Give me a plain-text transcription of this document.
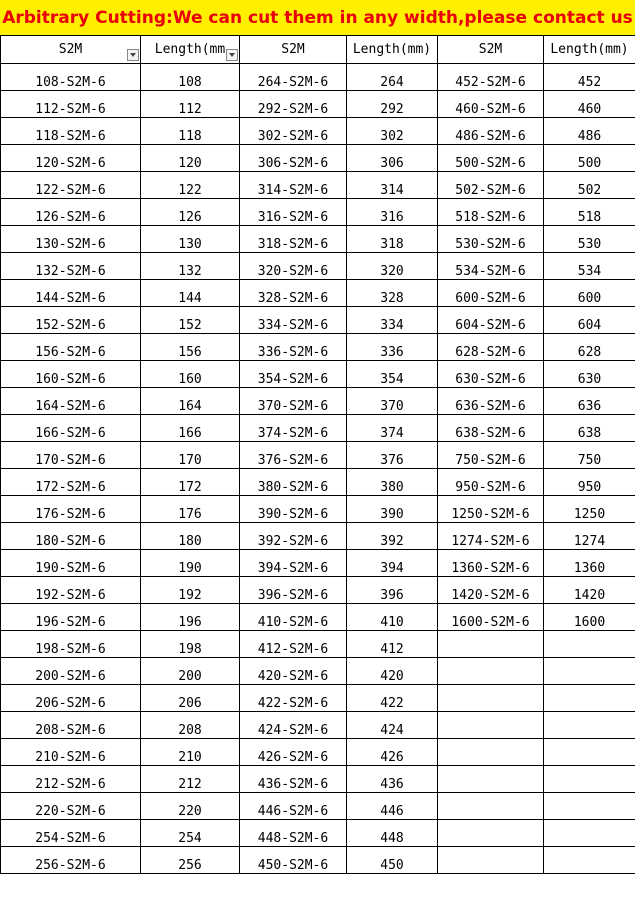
Arbitrary Cutting:We can cut them in any width,please contact us
S2M	Length(mm	S2M	Length(mm)	S2M	Length(mm)
108-S2M-6	108	264-S2M-6	264	452-S2M-6	452
112-S2M-6	112	292-S2M-6	292	460-S2M-6	460
118-S2M-6	118	302-S2M-6	302	486-S2M-6	486
120-S2M-6	120	306-S2M-6	306	500-S2M-6	500
122-S2M-6	122	314-S2M-6	314	502-S2M-6	502
126-S2M-6	126	316-S2M-6	316	518-S2M-6	518
130-S2M-6	130	318-S2M-6	318	530-S2M-6	530
132-S2M-6	132	320-S2M-6	320	534-S2M-6	534
144-S2M-6	144	328-S2M-6	328	600-S2M-6	600
152-S2M-6	152	334-S2M-6	334	604-S2M-6	604
156-S2M-6	156	336-S2M-6	336	628-S2M-6	628
160-S2M-6	160	354-S2M-6	354	630-S2M-6	630
164-S2M-6	164	370-S2M-6	370	636-S2M-6	636
166-S2M-6	166	374-S2M-6	374	638-S2M-6	638
170-S2M-6	170	376-S2M-6	376	750-S2M-6	750
172-S2M-6	172	380-S2M-6	380	950-S2M-6	950
176-S2M-6	176	390-S2M-6	390	1250-S2M-6	1250
180-S2M-6	180	392-S2M-6	392	1274-S2M-6	1274
190-S2M-6	190	394-S2M-6	394	1360-S2M-6	1360
192-S2M-6	192	396-S2M-6	396	1420-S2M-6	1420
196-S2M-6	196	410-S2M-6	410	1600-S2M-6	1600
198-S2M-6	198	412-S2M-6	412		
200-S2M-6	200	420-S2M-6	420		
206-S2M-6	206	422-S2M-6	422		
208-S2M-6	208	424-S2M-6	424		
210-S2M-6	210	426-S2M-6	426		
212-S2M-6	212	436-S2M-6	436		
220-S2M-6	220	446-S2M-6	446		
254-S2M-6	254	448-S2M-6	448		
256-S2M-6	256	450-S2M-6	450		
